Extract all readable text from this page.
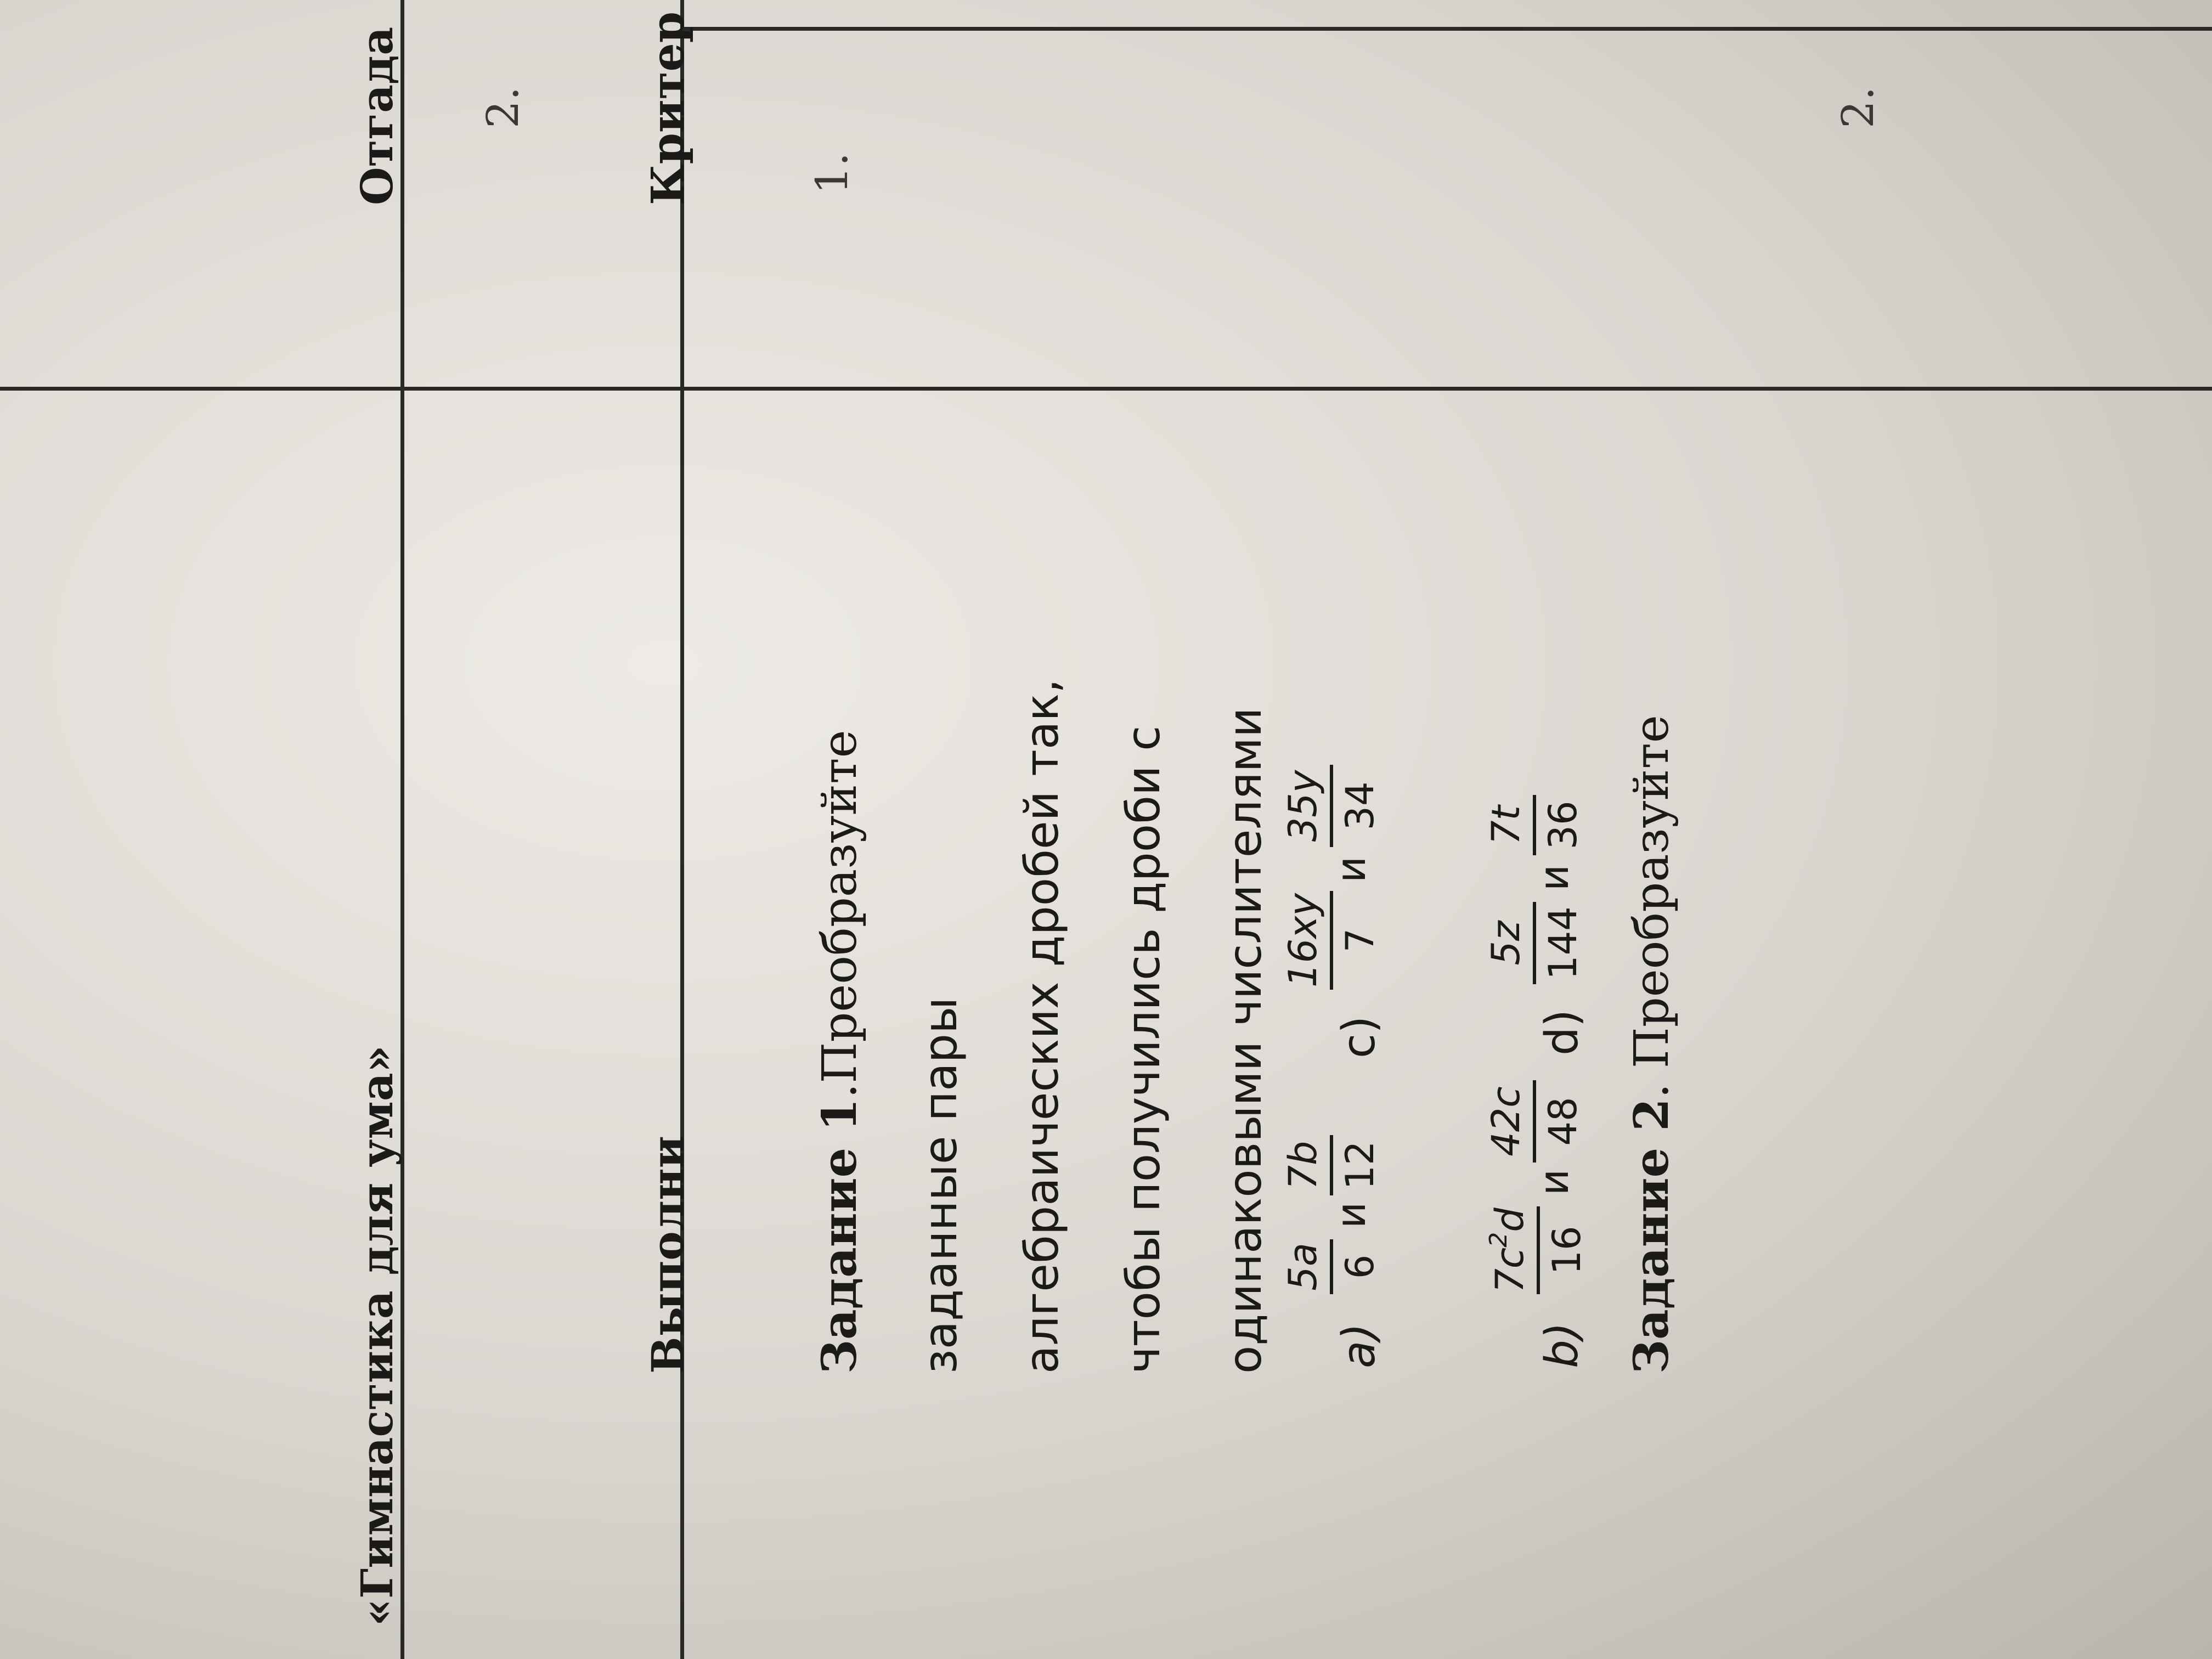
«Гимнастика для ума»
Отгада 2.
Выполни	Задание 1.Преобразуйте
заданные пары алгебраических дробей так, чтобы получились дроби с одинаковыми числителями a)
5a 6
и
7b 12
c)
16xy 7
и
35y 34
b)
$7c^2d$
16
и
42c 48
d)
5z 144
и
7t 36
Задание 2. Преобразуйте
Критер	1.
2.
